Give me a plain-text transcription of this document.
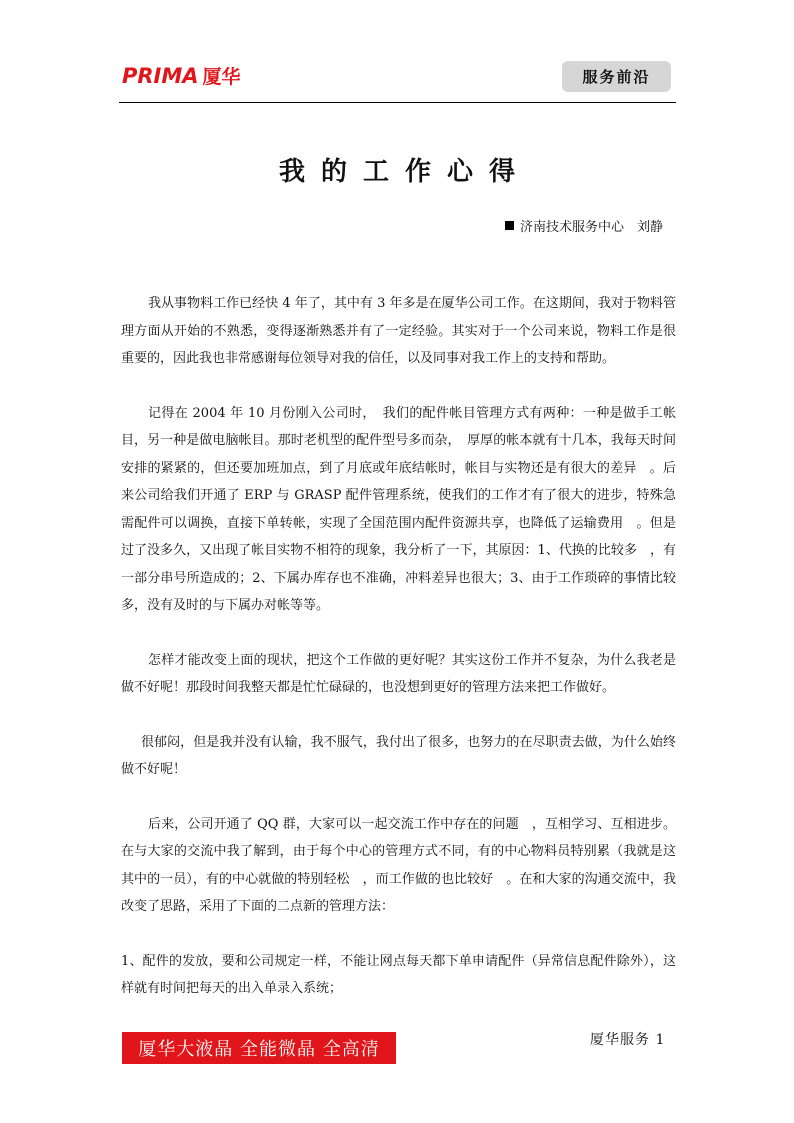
PRIMA 厦华	服务前沿
我的工作心得
济南技术服务中心　刘静

我从事物料工作已经快 4 年了，其中有 3 年多是在厦华公司工作。在这期间，我对于物料管理方面从开始的不熟悉，变得逐渐熟悉并有了一定经验。其实对于一个公司来说，物料工作是很重要的，因此我也非常感谢每位领导对我的信任，以及同事对我工作上的支持和帮助。

记得在 2004 年 10 月份刚入公司时，　我们的配件帐目管理方式有两种：一种是做手工帐目，另一种是做电脑帐目。那时老机型的配件型号多而杂，　厚厚的帐本就有十几本，我每天时间安排的紧紧的，但还要加班加点，到了月底或年底结帐时，帐目与实物还是有很大的差异　。后来公司给我们开通了 ERP 与 GRASP 配件管理系统，使我们的工作才有了很大的进步，特殊急需配件可以调换，直接下单转帐，实现了全国范围内配件资源共享，也降低了运输费用　。但是过了没多久，又出现了帐目实物不相符的现象，我分析了一下，其原因：1、代换的比较多　，有一部分串号所造成的；2、下属办库存也不准确，冲料差异也很大；3、由于工作琐碎的事情比较多，没有及时的与下属办对帐等等。

怎样才能改变上面的现状，把这个工作做的更好呢？其实这份工作并不复杂，为什么我老是做不好呢！那段时间我整天都是忙忙碌碌的，也没想到更好的管理方法来把工作做好。

很郁闷，但是我并没有认输，我不服气，我付出了很多，也努力的在尽职责去做，为什么始终做不好呢！

后来，公司开通了 QQ 群，大家可以一起交流工作中存在的问题　，互相学习、互相进步。在与大家的交流中我了解到，由于每个中心的管理方式不同，有的中心物料员特别累（我就是这其中的一员），有的中心就做的特别轻松　，而工作做的也比较好　。在和大家的沟通交流中，我改变了思路，采用了下面的二点新的管理方法：

1、配件的发放，要和公司规定一样，不能让网点每天都下单申请配件（异常信息配件除外），这样就有时间把每天的出入单录入系统；

厦华大液晶 全能微晶 全高清	厦华服务 1
